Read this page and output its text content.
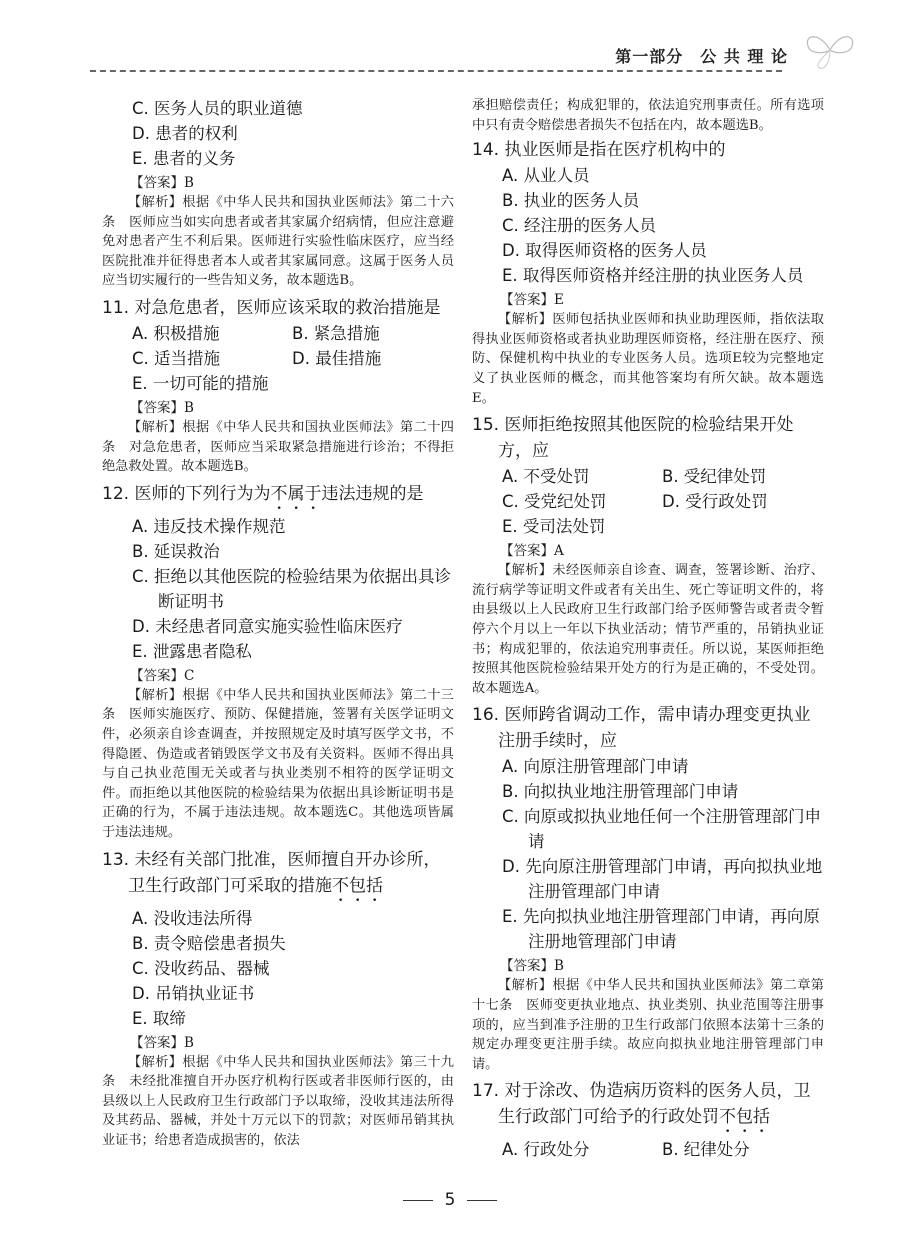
第一部分　公 共 理 论

C. 医务人员的职业道德

D. 患者的权利

E. 患者的义务

【答案】B

【解析】根据《中华人民共和国执业医师法》第二十六条　医师应当如实向患者或者其家属介绍病情，但应注意避免对患者产生不利后果。医师进行实验性临床医疗，应当经医院批准并征得患者本人或者其家属同意。这属于医务人员应当切实履行的一些告知义务，故本题选B。

11. 对急危患者，医师应该采取的救治措施是

A. 积极措施	B. 紧急措施
C. 适当措施	D. 最佳措施

E. 一切可能的措施

【答案】B

【解析】根据《中华人民共和国执业医师法》第二十四条　对急危患者，医师应当采取紧急措施进行诊治；不得拒绝急救处置。故本题选B。

12. 医师的下列行为为不属于违法违规的是

A. 违反技术操作规范

B. 延误救治

C. 拒绝以其他医院的检验结果为依据出具诊断证明书

D. 未经患者同意实施实验性临床医疗

E. 泄露患者隐私

【答案】C

【解析】根据《中华人民共和国执业医师法》第二十三条　医师实施医疗、预防、保健措施，签署有关医学证明文件，必须亲自诊查调查，并按照规定及时填写医学文书，不得隐匿、伪造或者销毁医学文书及有关资料。医师不得出具与自己执业范围无关或者与执业类别不相符的医学证明文件。而拒绝以其他医院的检验结果为依据出具诊断证明书是正确的行为，不属于违法违规。故本题选C。其他选项皆属于违法违规。

13. 未经有关部门批准，医师擅自开办诊所，卫生行政部门可采取的措施不包括

A. 没收违法所得

B. 责令赔偿患者损失

C. 没收药品、器械

D. 吊销执业证书

E. 取缔

【答案】B

【解析】根据《中华人民共和国执业医师法》第三十九条　未经批准擅自开办医疗机构行医或者非医师行医的，由县级以上人民政府卫生行政部门予以取缔，没收其违法所得及其药品、器械，并处十万元以下的罚款；对医师吊销其执业证书；给患者造成损害的，依法

承担赔偿责任；构成犯罪的，依法追究刑事责任。所有选项中只有责令赔偿患者损失不包括在内，故本题选B。

14. 执业医师是指在医疗机构中的

A. 从业人员

B. 执业的医务人员

C. 经注册的医务人员

D. 取得医师资格的医务人员

E. 取得医师资格并经注册的执业医务人员

【答案】E

【解析】医师包括执业医师和执业助理医师，指依法取得执业医师资格或者执业助理医师资格，经注册在医疗、预防、保健机构中执业的专业医务人员。选项E较为完整地定义了执业医师的概念，而其他答案均有所欠缺。故本题选E。

15. 医师拒绝按照其他医院的检验结果开处方，应

A. 不受处罚	B. 受纪律处罚
C. 受党纪处罚	D. 受行政处罚

E. 受司法处罚

【答案】A

【解析】未经医师亲自诊查、调查，签署诊断、治疗、流行病学等证明文件或者有关出生、死亡等证明文件的，将由县级以上人民政府卫生行政部门给予医师警告或者责令暂停六个月以上一年以下执业活动；情节严重的，吊销执业证书；构成犯罪的，依法追究刑事责任。所以说，某医师拒绝按照其他医院检验结果开处方的行为是正确的，不受处罚。故本题选A。

16. 医师跨省调动工作，需申请办理变更执业注册手续时，应

A. 向原注册管理部门申请

B. 向拟执业地注册管理部门申请

C. 向原或拟执业地任何一个注册管理部门申请

D. 先向原注册管理部门申请，再向拟执业地注册管理部门申请

E. 先向拟执业地注册管理部门申请，再向原注册地管理部门申请

【答案】B

【解析】根据《中华人民共和国执业医师法》第二章第十七条　医师变更执业地点、执业类别、执业范围等注册事项的，应当到准予注册的卫生行政部门依照本法第十三条的规定办理变更注册手续。故应向拟执业地注册管理部门申请。

17. 对于涂改、伪造病历资料的医务人员，卫生行政部门可给予的行政处罚不包括

A. 行政处分	B. 纪律处分
5
